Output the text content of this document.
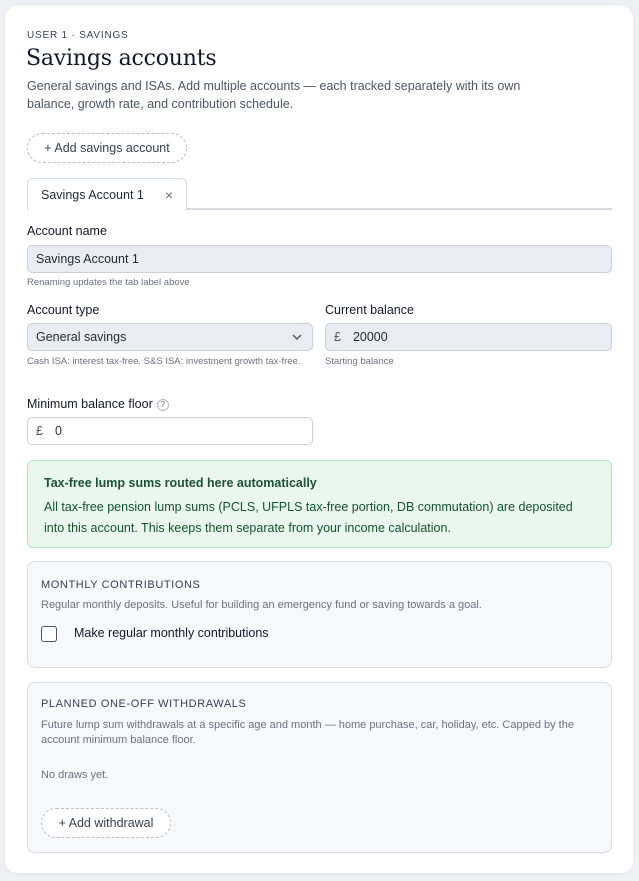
USER 1 · SAVINGS
Savings accounts
General savings and ISAs. Add multiple accounts — each tracked separately with its own balance, growth rate, and contribution schedule.
+ Add savings account
Savings Account 1 ×
Account name
Savings Account 1
Renaming updates the tab label above
Account type
General savings
Cash ISA: interest tax-free. S&S ISA: investment growth tax-free.
Current balance
£ 20000
Starting balance
Minimum balance floor ?
£ 0
Tax-free lump sums routed here automatically
All tax-free pension lump sums (PCLS, UFPLS tax-free portion, DB commutation) are deposited into this account. This keeps them separate from your income calculation.
MONTHLY CONTRIBUTIONS
Regular monthly deposits. Useful for building an emergency fund or saving towards a goal.
Make regular monthly contributions
PLANNED ONE-OFF WITHDRAWALS
Future lump sum withdrawals at a specific age and month — home purchase, car, holiday, etc. Capped by the account minimum balance floor.
No draws yet.
+ Add withdrawal
